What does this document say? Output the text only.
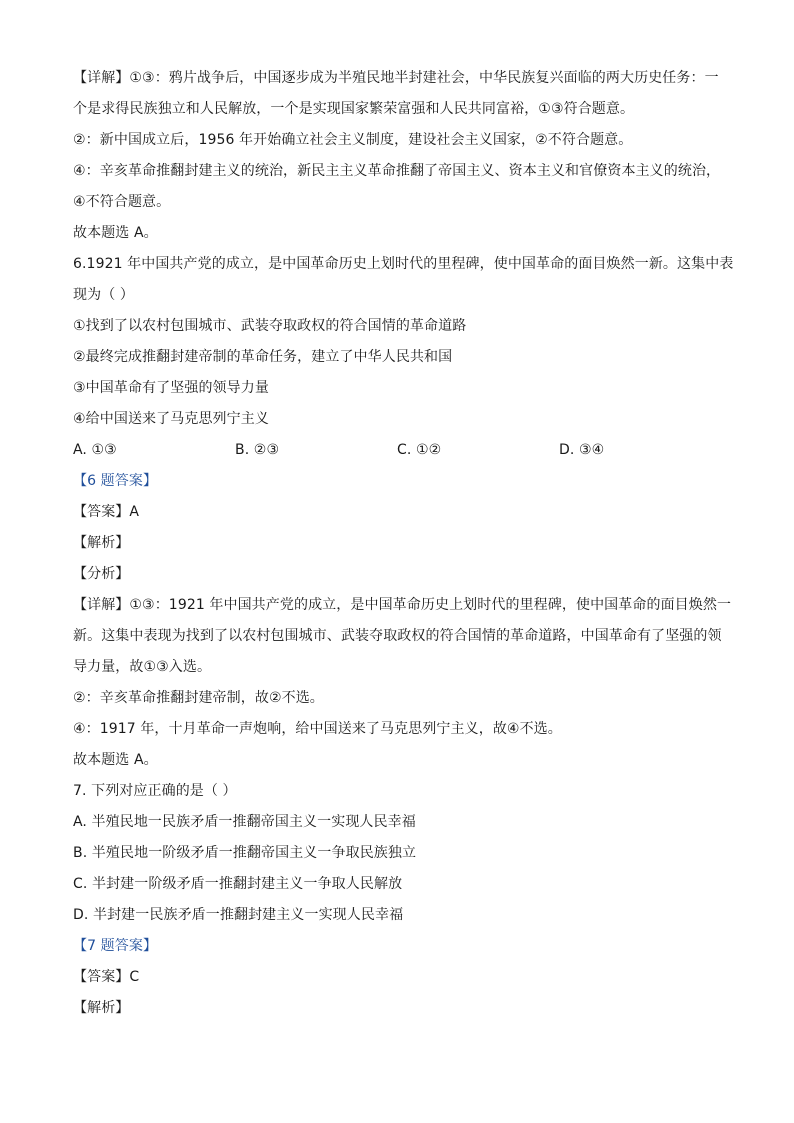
【详解】①③：鸦片战争后，中国逐步成为半殖民地半封建社会，中华民族复兴面临的两大历史任务：一
个是求得民族独立和人民解放，一个是实现国家繁荣富强和人民共同富裕，①③符合题意。
②：新中国成立后，1956 年开始确立社会主义制度，建设社会主义国家，②不符合题意。
④：辛亥革命推翻封建主义的统治，新民主主义革命推翻了帝国主义、资本主义和官僚资本主义的统治，
④不符合题意。
故本题选 A。
6.1921 年中国共产党的成立，是中国革命历史上划时代的里程碑，使中国革命的面目焕然一新。这集中表
现为（ ）
①找到了以农村包围城市、武装夺取政权的符合国情的革命道路
②最终完成推翻封建帝制的革命任务，建立了中华人民共和国
③中国革命有了坚强的领导力量
④给中国送来了马克思列宁主义
A. ①③	B. ②③	C. ①②	D. ③④
【6 题答案】
【答案】A
【解析】
【分析】
【详解】①③：1921 年中国共产党的成立，是中国革命历史上划时代的里程碑，使中国革命的面目焕然一
新。这集中表现为找到了以农村包围城市、武装夺取政权的符合国情的革命道路，中国革命有了坚强的领
导力量，故①③入选。
②：辛亥革命推翻封建帝制，故②不选。
④：1917 年，十月革命一声炮响，给中国送来了马克思列宁主义，故④不选。
故本题选 A。
7. 下列对应正确的是（ ）
A. 半殖民地一民族矛盾一推翻帝国主义一实现人民幸福
B. 半殖民地一阶级矛盾一推翻帝国主义一争取民族独立
C. 半封建一阶级矛盾一推翻封建主义一争取人民解放
D. 半封建一民族矛盾一推翻封建主义一实现人民幸福
【7 题答案】
【答案】C
【解析】
